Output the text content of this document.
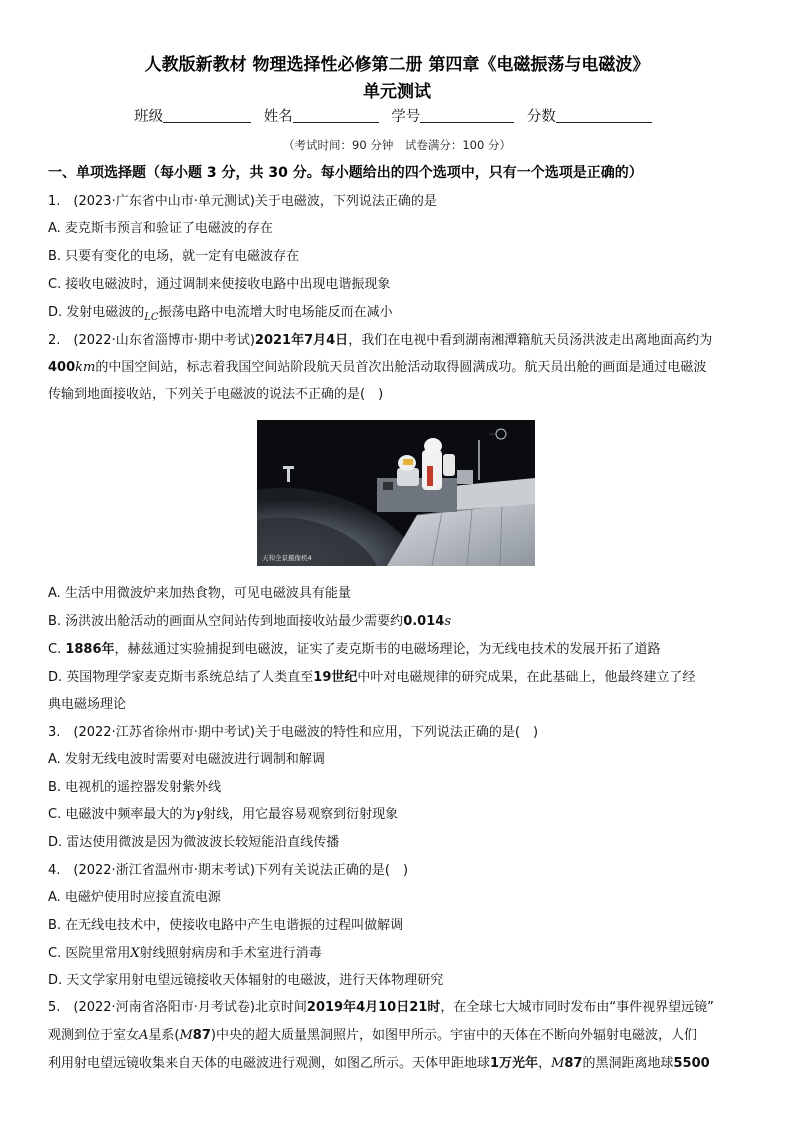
人教版新教材 物理选择性必修第二册 第四章《电磁振荡与电磁波》
单元测试
班级	姓名	学号	分数
（考试时间：90 分钟　试卷满分：100 分）
一、单项选择题（每小题 3 分，共 30 分。每小题给出的四个选项中，只有一个选项是正确的）
1.　(2023·广东省中山市·单元测试)关于电磁波，下列说法正确的是
A. 麦克斯韦预言和验证了电磁波的存在
B. 只要有变化的电场，就一定有电磁波存在
C. 接收电磁波时，通过调制来使接收电路中出现电谐振现象
D. 发射电磁波的$_{LC}$振荡电路中电流增大时电场能反而在减小
2.　(2022·山东省淄博市·期中考试)2021年7月4日，我们在电视中看到湖南湘潭籍航天员汤洪波走出离地面高约为
400km的中国空间站，标志着我国空间站阶段航天员首次出舱活动取得圆满成功。航天员出舱的画面是通过电磁波
传输到地面接收站，下列关于电磁波的说法不正确的是(　)
⋯
天和全景摄像机4
A. 生活中用微波炉来加热食物，可见电磁波具有能量
B. 汤洪波出舱活动的画面从空间站传到地面接收站最少需要约0.014s
C. 1886年，赫兹通过实验捕捉到电磁波，证实了麦克斯韦的电磁场理论，为无线电技术的发展开拓了道路
D. 英国物理学家麦克斯韦系统总结了人类直至19世纪中叶对电磁规律的研究成果，在此基础上，他最终建立了经
典电磁场理论
3.　(2022·江苏省徐州市·期中考试)关于电磁波的特性和应用，下列说法正确的是(　)
A. 发射无线电波时需要对电磁波进行调制和解调
B. 电视机的遥控器发射紫外线
C. 电磁波中频率最大的为γ射线，用它最容易观察到衍射现象
D. 雷达使用微波是因为微波波长较短能沿直线传播
4.　(2022·浙江省温州市·期末考试)下列有关说法正确的是(　)
A. 电磁炉使用时应接直流电源
B. 在无线电技术中，使接收电路中产生电谐振的过程叫做解调
C. 医院里常用X射线照射病房和手术室进行消毒
D. 天文学家用射电望远镜接收天体辐射的电磁波，进行天体物理研究
5.　(2022·河南省洛阳市·月考试卷)北京时间2019年4月10日21时，在全球七大城市同时发布由“事件视界望远镜”
观测到位于室女A星系(M87)中央的超大质量黑洞照片，如图甲所示。宇宙中的天体在不断向外辐射电磁波，人们
利用射电望远镜收集来自天体的电磁波进行观测，如图乙所示。天体甲距地球1万光年，M87的黑洞距离地球5500
